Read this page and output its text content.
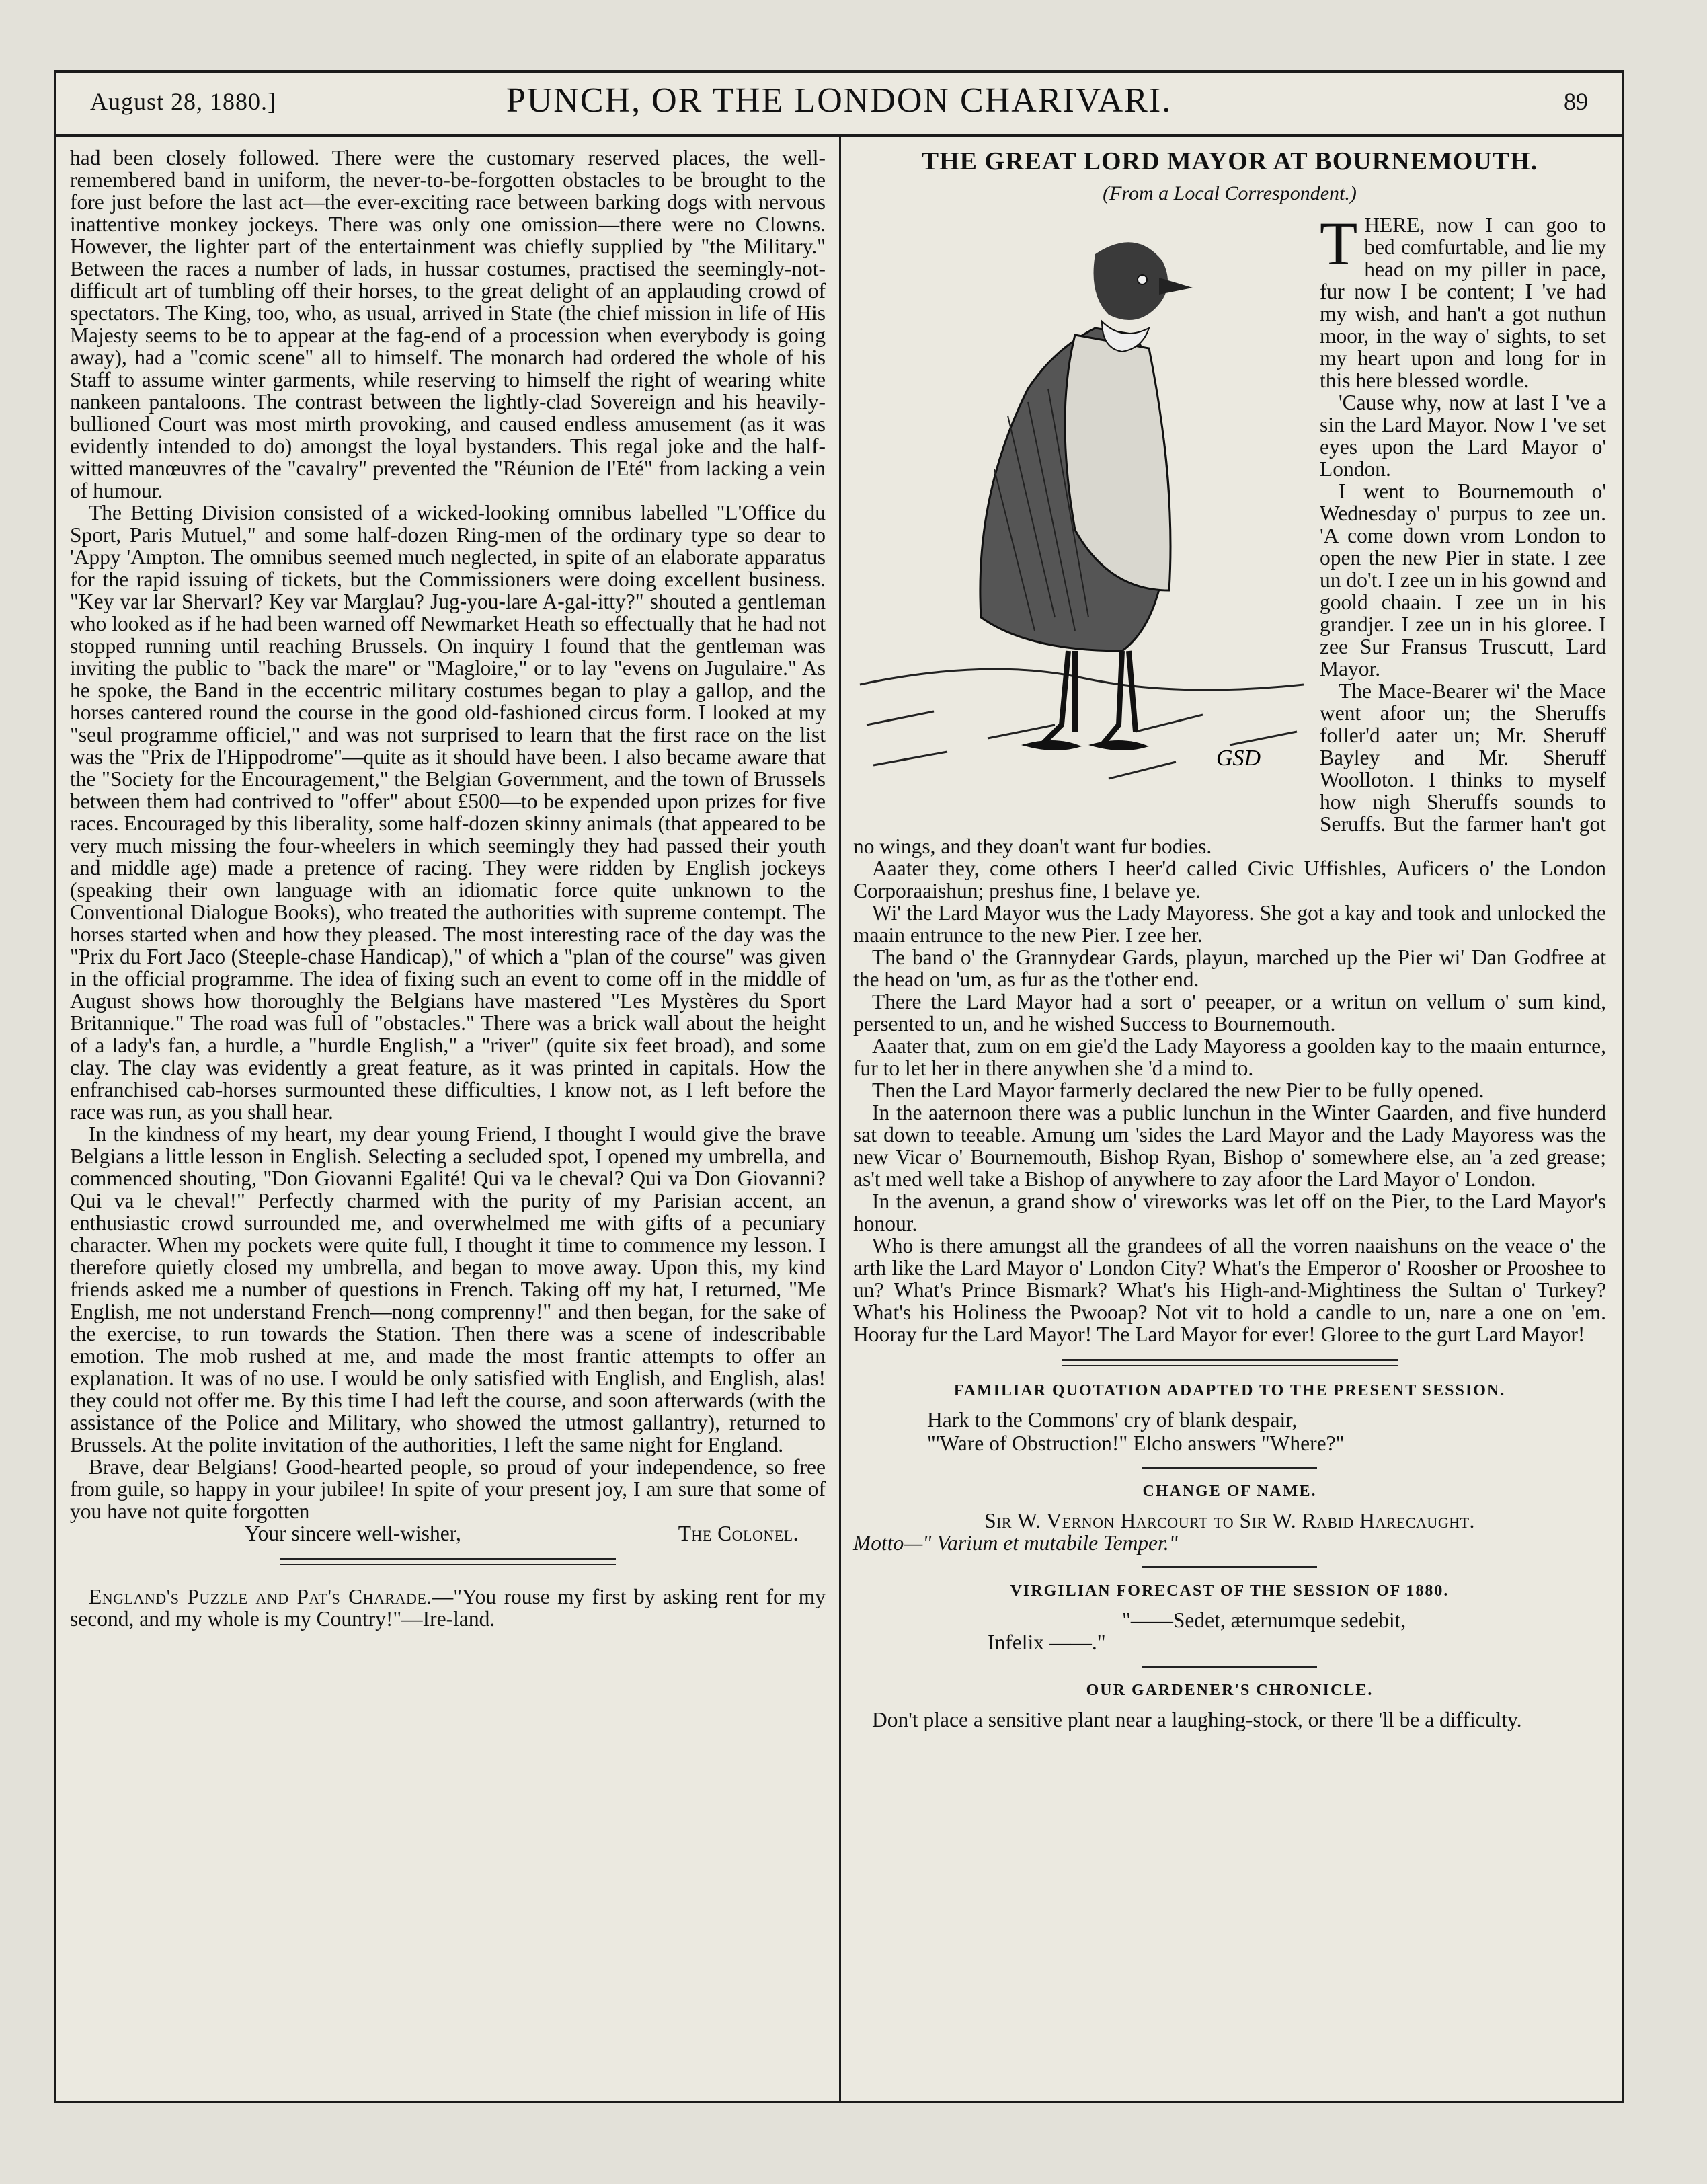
August 28, 1880.]	PUNCH, OR THE LONDON CHARIVARI.	89

had been closely followed. There were the customary reserved places, the well-remembered band in uniform, the never-to-be-forgotten obstacles to be brought to the fore just before the last act—the ever-exciting race between barking dogs with nervous inattentive monkey jockeys. There was only one omission—there were no Clowns. However, the lighter part of the entertainment was chiefly supplied by "the Military." Between the races a number of lads, in hussar costumes, practised the seemingly-not-difficult art of tumbling off their horses, to the great delight of an applauding crowd of spectators. The King, too, who, as usual, arrived in State (the chief mission in life of His Majesty seems to be to appear at the fag-end of a procession when everybody is going away), had a "comic scene" all to himself. The monarch had ordered the whole of his Staff to assume winter garments, while reserving to himself the right of wearing white nankeen pantaloons. The contrast between the lightly-clad Sovereign and his heavily-bullioned Court was most mirth provoking, and caused endless amusement (as it was evidently intended to do) amongst the loyal bystanders. This regal joke and the half-witted manœuvres of the "cavalry" prevented the "Réunion de l'Eté" from lacking a vein of humour.

The Betting Division consisted of a wicked-looking omnibus labelled "L'Office du Sport, Paris Mutuel," and some half-dozen Ring-men of the ordinary type so dear to 'Appy 'Ampton. The omnibus seemed much neglected, in spite of an elaborate apparatus for the rapid issuing of tickets, but the Commissioners were doing excellent business. "Key var lar Shervarl? Key var Marglau? Jug-you-lare A-gal-itty?" shouted a gentleman who looked as if he had been warned off Newmarket Heath so effectually that he had not stopped running until reaching Brussels. On inquiry I found that the gentleman was inviting the public to "back the mare" or "Magloire," or to lay "evens on Jugulaire." As he spoke, the Band in the eccentric military costumes began to play a gallop, and the horses cantered round the course in the good old-fashioned circus form. I looked at my "seul programme officiel," and was not surprised to learn that the first race on the list was the "Prix de l'Hippodrome"—quite as it should have been. I also became aware that the "Society for the Encouragement," the Belgian Government, and the town of Brussels between them had contrived to "offer" about £500—to be expended upon prizes for five races. Encouraged by this liberality, some half-dozen skinny animals (that appeared to be very much missing the four-wheelers in which seemingly they had passed their youth and middle age) made a pretence of racing. They were ridden by English jockeys (speaking their own language with an idiomatic force quite unknown to the Conventional Dialogue Books), who treated the authorities with supreme contempt. The horses started when and how they pleased. The most interesting race of the day was the "Prix du Fort Jaco (Steeple-chase Handicap)," of which a "plan of the course" was given in the official programme. The idea of fixing such an event to come off in the middle of August shows how thoroughly the Belgians have mastered "Les Mystères du Sport Britannique." The road was full of "obstacles." There was a brick wall about the height of a lady's fan, a hurdle, a "hurdle English," a "river" (quite six feet broad), and some clay. The clay was evidently a great feature, as it was printed in capitals. How the enfranchised cab-horses surmounted these difficulties, I know not, as I left before the race was run, as you shall hear.

In the kindness of my heart, my dear young Friend, I thought I would give the brave Belgians a little lesson in English. Selecting a secluded spot, I opened my umbrella, and commenced shouting, "Don Giovanni Egalité! Qui va le cheval? Qui va Don Giovanni? Qui va le cheval!" Perfectly charmed with the purity of my Parisian accent, an enthusiastic crowd surrounded me, and overwhelmed me with gifts of a pecuniary character. When my pockets were quite full, I thought it time to commence my lesson. I therefore quietly closed my umbrella, and began to move away. Upon this, my kind friends asked me a number of questions in French. Taking off my hat, I returned, "Me English, me not understand French—nong comprenny!" and then began, for the sake of the exercise, to run towards the Station. Then there was a scene of indescribable emotion. The mob rushed at me, and made the most frantic attempts to offer an explanation. It was of no use. I would be only satisfied with English, and English, alas! they could not offer me. By this time I had left the course, and soon afterwards (with the assistance of the Police and Military, who showed the utmost gallantry), returned to Brussels. At the polite invitation of the authorities, I left the same night for England.

Brave, dear Belgians! Good-hearted people, so proud of your independence, so free from guile, so happy in your jubilee! In spite of your present joy, I am sure that some of you have not quite forgotten

Your sincere well-wisher,	The Colonel.

England's Puzzle and Pat's Charade.—"You rouse my first by asking rent for my second, and my whole is my Country!"—Ire-land.

THE GREAT LORD MAYOR AT BOURNEMOUTH.
(From a Local Correspondent.)
GSD

THERE, now I can goo to bed comfurtable, and lie my head on my piller in pace, fur now I be content; I 've had my wish, and han't a got nuthun moor, in the way o' sights, to set my heart upon and long for in this here blessed wordle.

'Cause why, now at last I 've a sin the Lard Mayor. Now I 've set eyes upon the Lard Mayor o' London.

I went to Bournemouth o' Wednesday o' purpus to zee un. 'A come down vrom London to open the new Pier in state. I zee un do't. I zee un in his gownd and goold chaain. I zee un in his grandjer. I zee un in his gloree. I zee Sur Fransus Truscutt, Lard Mayor.

The Mace-Bearer wi' the Mace went afoor un; the Sheruffs foller'd aater un; Mr. Sheruff Bayley and Mr. Sheruff Woolloton. I thinks to myself how nigh Sheruffs sounds to Seruffs. But the farmer han't got no wings, and they doan't want fur bodies.

Aaater they, come others I heer'd called Civic Uffishles, Auficers o' the London Corporaaishun; preshus fine, I belave ye.

Wi' the Lard Mayor wus the Lady Mayoress. She got a kay and took and unlocked the maain entrunce to the new Pier. I zee her.

The band o' the Grannydear Gards, playun, marched up the Pier wi' Dan Godfree at the head on 'um, as fur as the t'other end.

There the Lard Mayor had a sort o' peeaper, or a writun on vellum o' sum kind, persented to un, and he wished Success to Bournemouth.

Aaater that, zum on em gie'd the Lady Mayoress a goolden kay to the maain enturnce, fur to let her in there anywhen she 'd a mind to.

Then the Lard Mayor farmerly declared the new Pier to be fully opened.

In the aaternoon there was a public lunchun in the Winter Gaarden, and five hunderd sat down to teeable. Amung um 'sides the Lard Mayor and the Lady Mayoress was the new Vicar o' Bournemouth, Bishop Ryan, Bishop o' somewhere else, an 'a zed grease; as't med well take a Bishop of anywhere to zay afoor the Lard Mayor o' London.

In the avenun, a grand show o' vireworks was let off on the Pier, to the Lard Mayor's honour.

Who is there amungst all the grandees of all the vorren naaishuns on the veace o' the arth like the Lard Mayor o' London City? What's the Emperor o' Roosher or Prooshee to un? What's Prince Bismark? What's his High-and-Mightiness the Sultan o' Turkey? What's his Holiness the Pwooap? Not vit to hold a candle to un, nare a one on 'em. Hooray fur the Lard Mayor! The Lard Mayor for ever! Gloree to the gurt Lard Mayor!

FAMILIAR QUOTATION ADAPTED TO THE PRESENT SESSION.
Hark to the Commons' cry of blank despair,
"'Ware of Obstruction!" Elcho answers "Where?"
CHANGE OF NAME.
Sir W. Vernon Harcourt to Sir W. Rabid Harecaught.
Motto—" Varium et mutabile Temper."
VIRGILIAN FORECAST OF THE SESSION OF 1880.
"——Sedet, æternumque sedebit,
Infelix ——."
OUR GARDENER'S CHRONICLE.

Don't place a sensitive plant near a laughing-stock, or there 'll be a difficulty.
